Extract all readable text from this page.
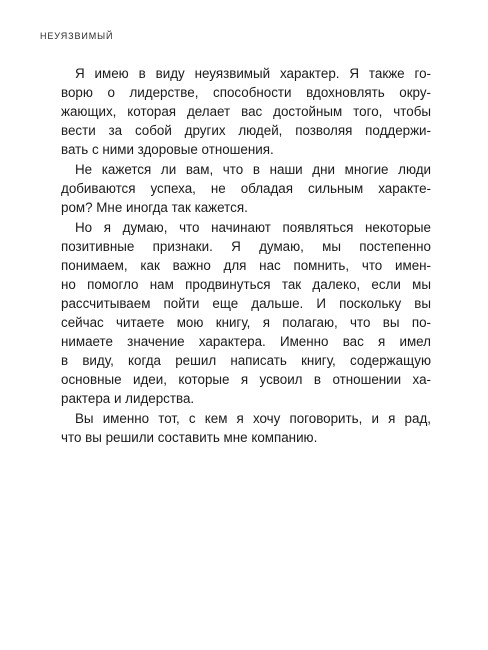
НЕУЯЗВИМЫЙ
Я имею в виду неуязвимый характер. Я также го-
ворю о лидерстве, способности вдохновлять окру-
жающих, которая делает вас достойным того, чтобы
вести за собой других людей, позволяя поддержи-
вать с ними здоровые отношения.
Не кажется ли вам, что в наши дни многие люди
добиваются успеха, не обладая сильным характе-
ром? Мне иногда так кажется.
Но я думаю, что начинают появляться некоторые
позитивные признаки. Я думаю, мы постепенно
понимаем, как важно для нас помнить, что имен-
но помогло нам продвинуться так далеко, если мы
рассчитываем пойти еще дальше. И поскольку вы
сейчас читаете мою книгу, я полагаю, что вы по-
нимаете значение характера. Именно вас я имел
в виду, когда решил написать книгу, содержащую
основные идеи, которые я усвоил в отношении ха-
рактера и лидерства.
Вы именно тот, с кем я хочу поговорить, и я рад,
что вы решили составить мне компанию.
